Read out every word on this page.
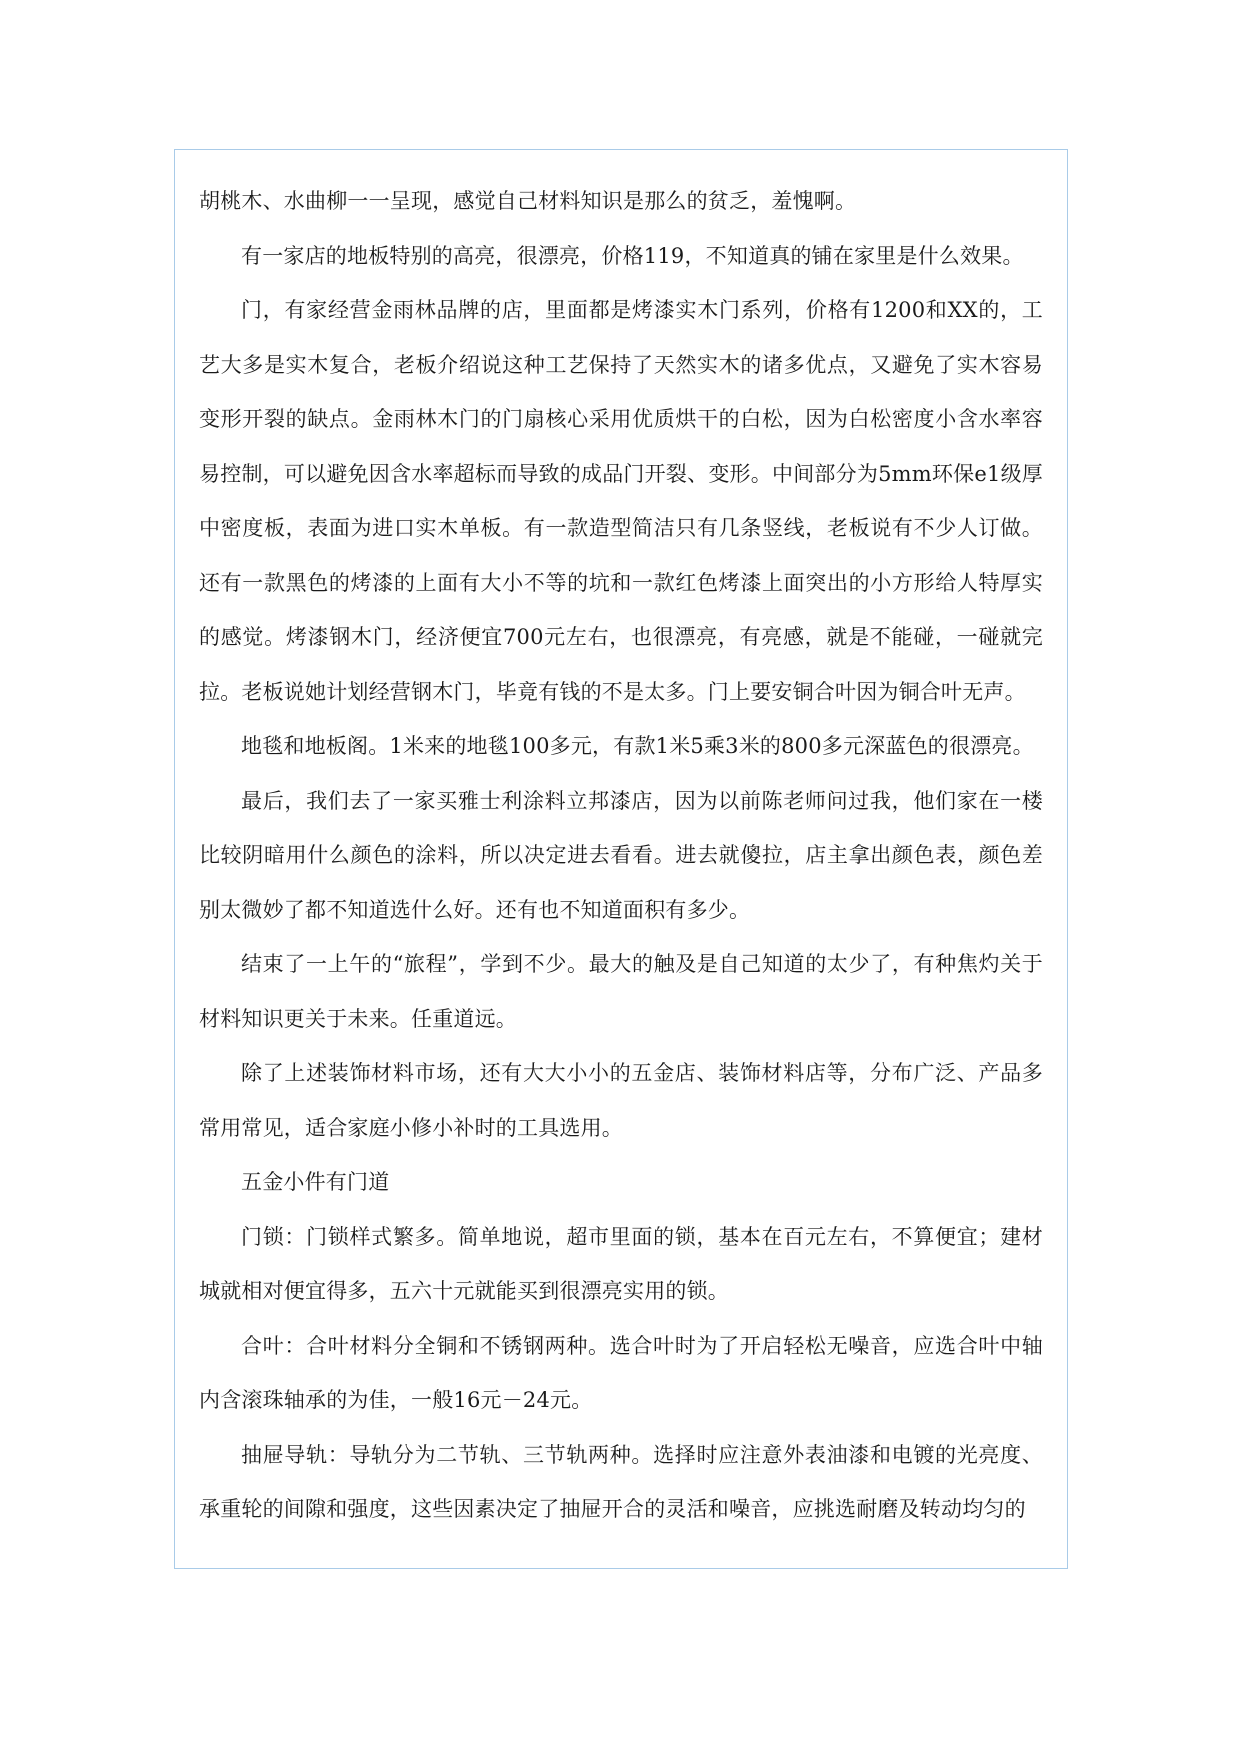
胡桃木、水曲柳一一呈现，感觉自己材料知识是那么的贫乏，羞愧啊。

有一家店的地板特别的高亮，很漂亮，价格119，不知道真的铺在家里是什么效果。

门，有家经营金雨林品牌的店，里面都是烤漆实木门系列，价格有1200和XX的，工艺大多是实木复合，老板介绍说这种工艺保持了天然实木的诸多优点，又避免了实木容易变形开裂的缺点。金雨林木门的门扇核心采用优质烘干的白松，因为白松密度小含水率容易控制，可以避免因含水率超标而导致的成品门开裂、变形。中间部分为5mm环保e1级厚中密度板，表面为进口实木单板。有一款造型简洁只有几条竖线，老板说有不少人订做。还有一款黑色的烤漆的上面有大小不等的坑和一款红色烤漆上面突出的小方形给人特厚实的感觉。烤漆钢木门，经济便宜700元左右，也很漂亮，有亮感，就是不能碰，一碰就完拉。老板说她计划经营钢木门，毕竟有钱的不是太多。门上要安铜合叶因为铜合叶无声。

地毯和地板阁。1米来的地毯100多元，有款1米5乘3米的800多元深蓝色的很漂亮。

最后，我们去了一家买雅士利涂料立邦漆店，因为以前陈老师问过我，他们家在一楼比较阴暗用什么颜色的涂料，所以决定进去看看。进去就傻拉，店主拿出颜色表，颜色差别太微妙了都不知道选什么好。还有也不知道面积有多少。

结束了一上午的“旅程”，学到不少。最大的触及是自己知道的太少了，有种焦灼关于材料知识更关于未来。任重道远。

除了上述装饰材料市场，还有大大小小的五金店、装饰材料店等，分布广泛、产品多常用常见，适合家庭小修小补时的工具选用。

五金小件有门道

门锁：门锁样式繁多。简单地说，超市里面的锁，基本在百元左右，不算便宜；建材城就相对便宜得多，五六十元就能买到很漂亮实用的锁。

合叶：合叶材料分全铜和不锈钢两种。选合叶时为了开启轻松无噪音，应选合叶中轴内含滚珠轴承的为佳，一般16元－24元。

抽屉导轨：导轨分为二节轨、三节轨两种。选择时应注意外表油漆和电镀的光亮度、承重轮的间隙和强度，这些因素决定了抽屉开合的灵活和噪音，应挑选耐磨及转动均匀的
